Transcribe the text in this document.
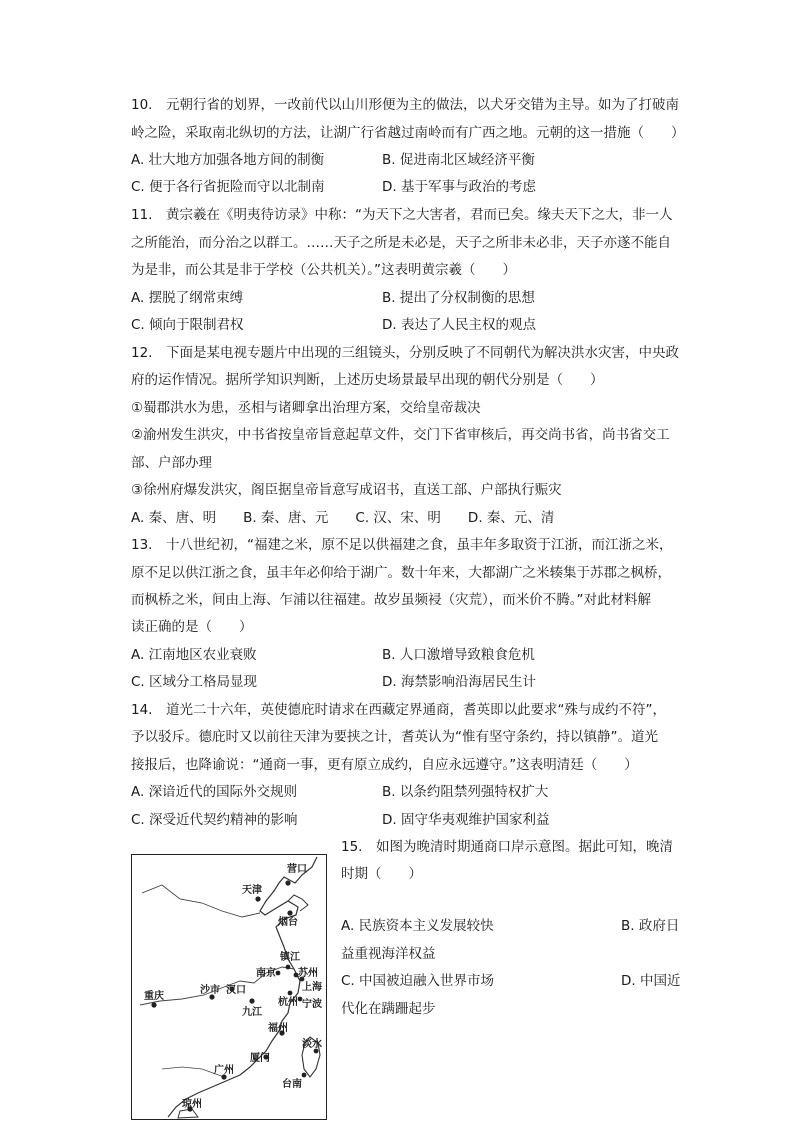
10.　元朝行省的划界，一改前代以山川形便为主的做法，以犬牙交错为主导。如为了打破南
岭之险，采取南北纵切的方法，让湖广行省越过南岭而有广西之地。元朝的这一措施（　　）
A. 壮大地方加强各地方间的制衡	B. 促进南北区域经济平衡
C. 便于各行省扼险而守以北制南	D. 基于军事与政治的考虑
11.　黄宗羲在《明夷待访录》中称：“为天下之大害者，君而已矣。缘夫天下之大，非一人
之所能治，而分治之以群工。……天子之所是未必是，天子之所非未必非，天子亦遂不能自
为是非，而公其是非于学校（公共机关）。”这表明黄宗羲（　　）
A. 摆脱了纲常束缚	B. 提出了分权制衡的思想
C. 倾向于限制君权	D. 表达了人民主权的观点
12.　下面是某电视专题片中出现的三组镜头，分别反映了不同朝代为解决洪水灾害，中央政
府的运作情况。据所学知识判断，上述历史场景最早出现的朝代分别是（　　）
①蜀郡洪水为患，丞相与诸卿拿出治理方案，交给皇帝裁决
②渝州发生洪灾，中书省按皇帝旨意起草文件，交门下省审核后，再交尚书省，尚书省交工
部、户部办理
③徐州府爆发洪灾，阁臣据皇帝旨意写成诏书，直送工部、户部执行赈灾
A. 秦、唐、明　　B. 秦、唐、元　　C. 汉、宋、明　　D. 秦、元、清
13.　十八世纪初，“福建之米，原不足以供福建之食，虽丰年多取资于江浙，而江浙之米，
原不足以供江浙之食，虽丰年必仰给于湖广。数十年来，大都湖广之米辏集于苏郡之枫桥，
而枫桥之米，间由上海、乍浦以往福建。故岁虽频祲（灾荒），而米价不腾。”对此材料解
读正确的是（　　）
A. 江南地区农业衰败	B. 人口激增导致粮食危机
C. 区域分工格局显现	D. 海禁影响沿海居民生计
14.　道光二十六年，英使德庇时请求在西藏定界通商，耆英即以此要求“殊与成约不符”，
予以驳斥。德庇时又以前往天津为要挟之计，耆英认为“惟有坚守条约，持以镇静”。道光
接报后，也降谕说：“通商一事，更有原立成约，自应永远遵守。”这表明清廷（　　）
A. 深谙近代的国际外交规则	B. 以条约阻禁列强特权扩大
C. 深受近代契约精神的影响	D. 固守华夷观维护国家利益
15.　如图为晚清时期通商口岸示意图。据此可知，晚清
时期（　　）
A. 民族资本主义发展较快	B. 政府日
益重视海洋权益
C. 中国被迫融入世界市场	D. 中国近
代化在蹒跚起步
营口
天津
烟台
镇江
南京 苏州
上海
重庆
沙市 汉口
杭州 宁波
九江
福州
淡水
厦门
广州
台南
琼州
